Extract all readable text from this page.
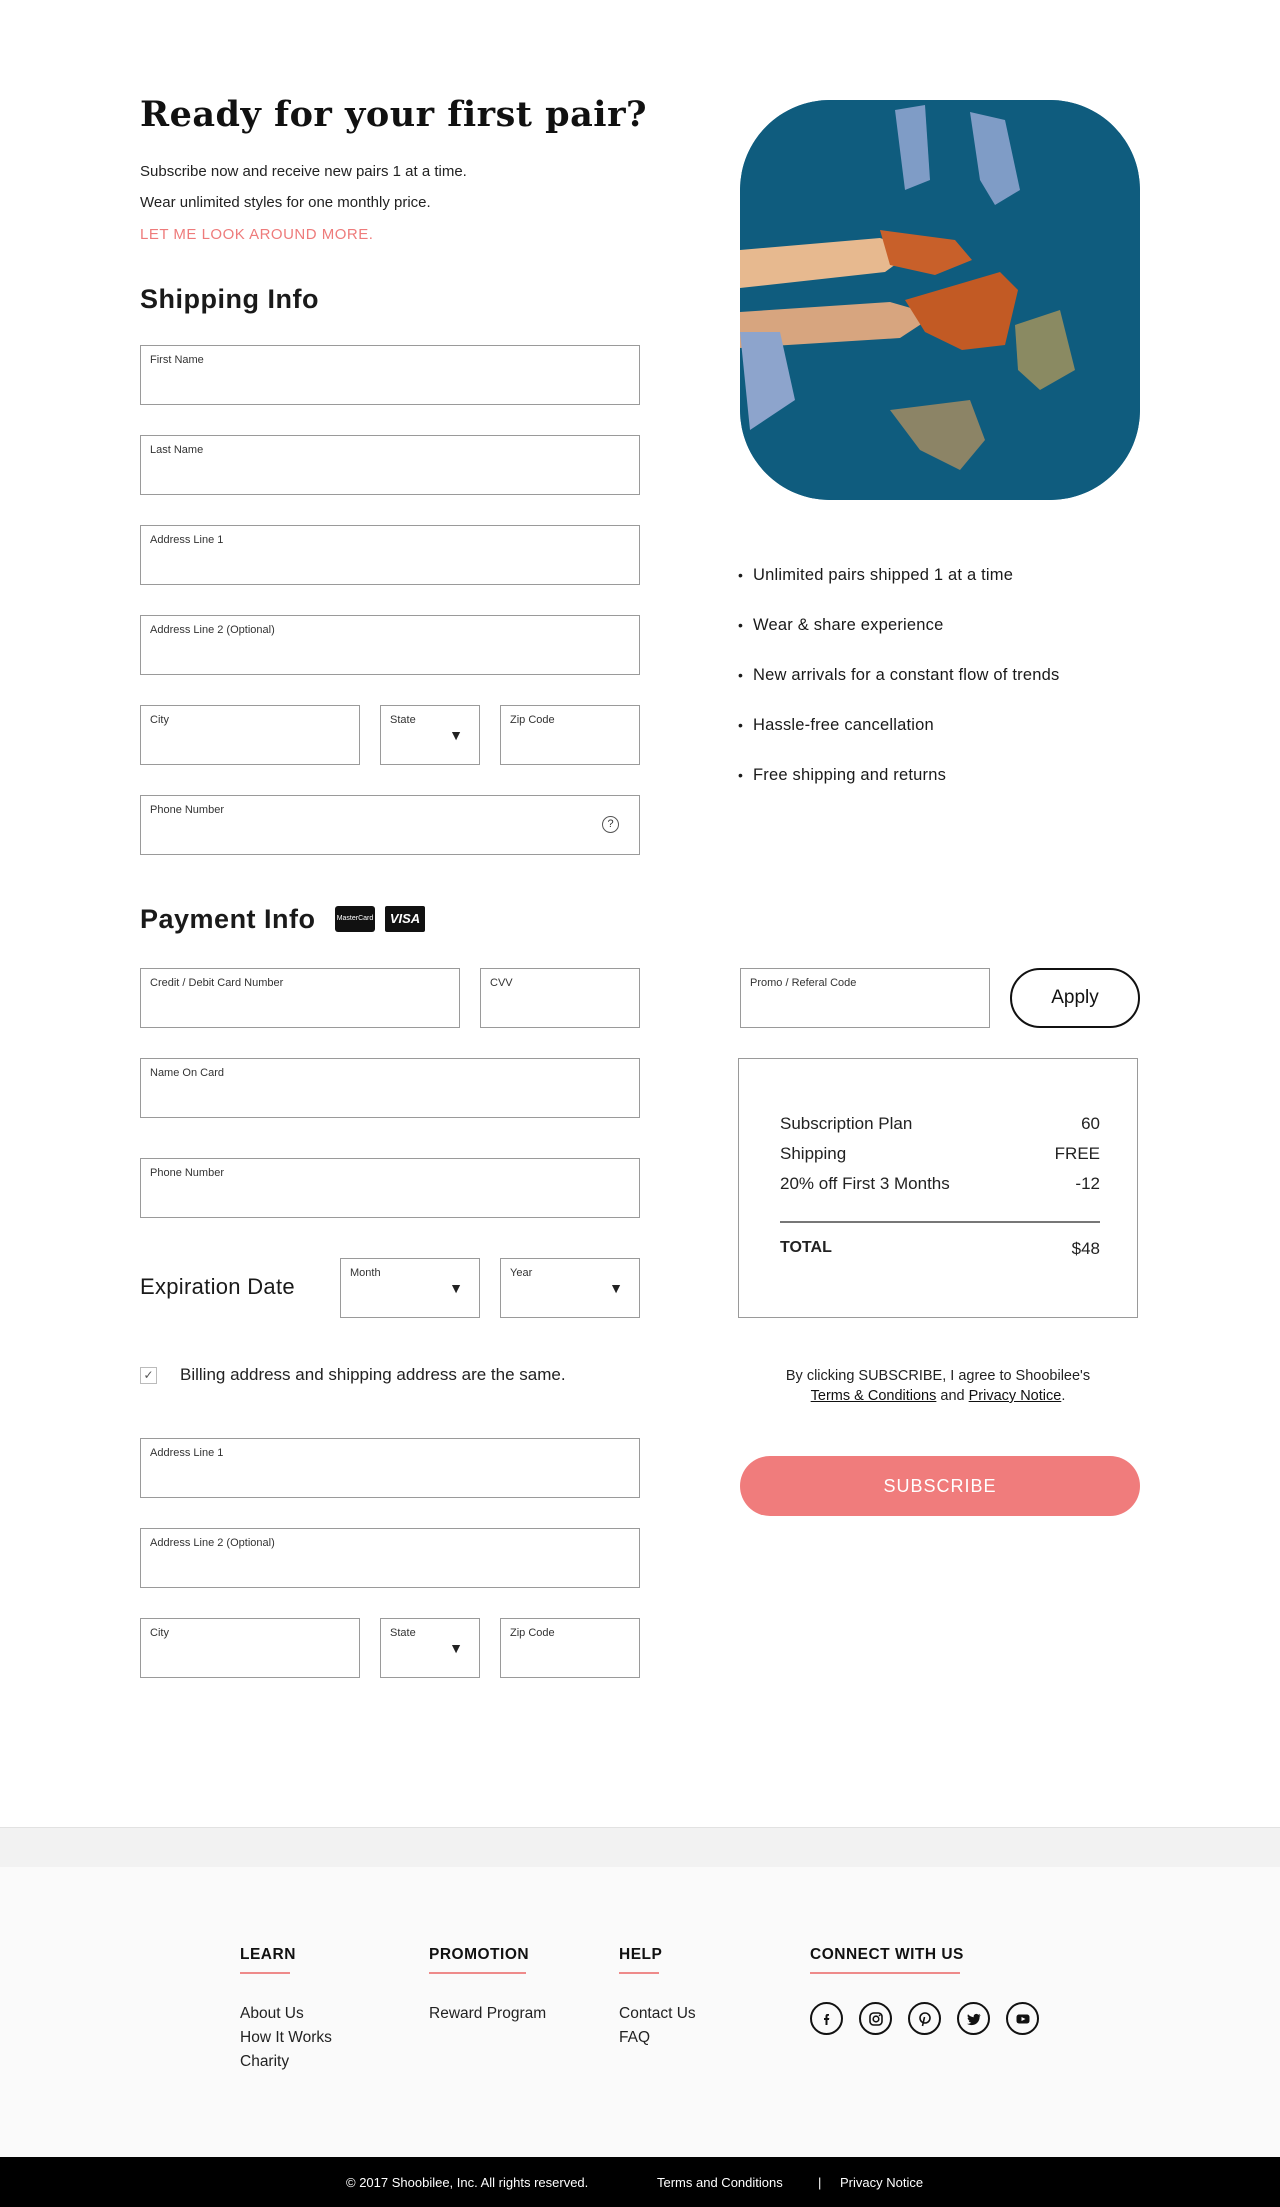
Ready for your first pair?

Subscribe now and receive new pairs 1 at a time.

Wear unlimited styles for one monthly price.

LET ME LOOK AROUND MORE.
Shipping Info
First Name
Last Name
Address Line 1
Address Line 2 (Optional)
City	State
▼
Zip Code
Phone Number
?
• Unlimited pairs shipped 1 at a time
• Wear & share experience
• New arrivals for a constant flow of trends
• Hassle-free cancellation
• Free shipping and returns
Payment Info	MasterCard	VISA
Credit / Debit Card Number	CVV
Name On Card
Phone Number
Expiration Date
Month
▼
Year
▼
✓ Billing address and shipping address are the same.
Address Line 1
Address Line 2 (Optional)
City	State
▼
Zip Code
Promo / Referal Code
Apply
Subscription Plan	60
Shipping	FREE
20% off First 3 Months	-12
TOTAL	$48
By clicking SUBSCRIBE, I agree to Shoobilee's
Terms & Conditions and Privacy Notice.
SUBSCRIBE
LEARN
About Us
How It Works
Charity
PROMOTION
Reward Program
HELP
Contact Us
FAQ
CONNECT WITH US
© 2017 Shoobilee, Inc. All rights reserved.	Terms and Conditions	| Privacy Notice
